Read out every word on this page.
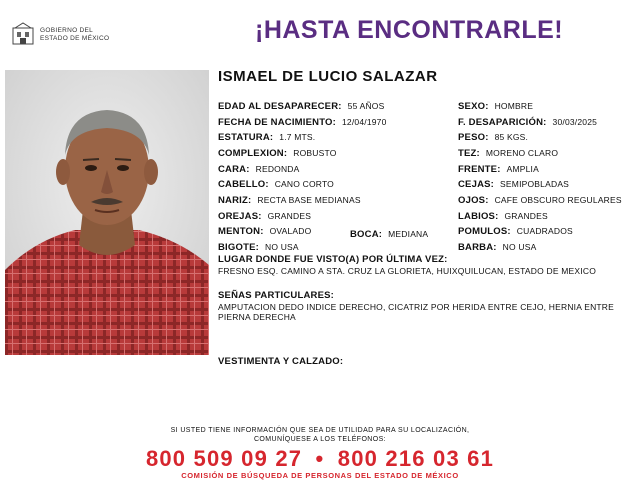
GOBIERNO DEL
ESTADO DE MÉXICO	¡HASTA ENCONTRARLE!
ISMAEL DE LUCIO SALAZAR
EDAD AL DESAPARECER: 55 AÑOS
FECHA DE NACIMIENTO: 12/04/1970
ESTATURA: 1.7 MTS.
COMPLEXION: ROBUSTO
CARA: REDONDA
CABELLO: CANO CORTO
NARIZ: RECTA BASE MEDIANAS
OREJAS: GRANDES
MENTON: OVALADO	BOCA: MEDIANA
BIGOTE: NO USA
SEXO: HOMBRE
F. DESAPARICIÓN: 30/03/2025
PESO: 85 KGS.
TEZ: MORENO CLARO
FRENTE: AMPLIA
CEJAS: SEMIPOBLADAS
OJOS: CAFE OBSCURO REGULARES
LABIOS: GRANDES
POMULOS: CUADRADOS
BARBA: NO USA
LUGAR DONDE FUE VISTO(A) POR ÚLTIMA VEZ:
FRESNO ESQ. CAMINO A STA. CRUZ LA GLORIETA, HUIXQUILUCAN, ESTADO DE MEXICO
SEÑAS PARTICULARES:
AMPUTACION DEDO INDICE DERECHO, CICATRIZ POR HERIDA ENTRE CEJO, HERNIA ENTRE PIERNA DERECHA
VESTIMENTA Y CALZADO:
SI USTED TIENE INFORMACIÓN QUE SEA DE UTILIDAD PARA SU LOCALIZACIÓN,
COMUNÍQUESE A LOS TELÉFONOS:
800 509 09 27 • 800 216 03 61
COMISIÓN DE BÚSQUEDA DE PERSONAS DEL ESTADO DE MÉXICO
